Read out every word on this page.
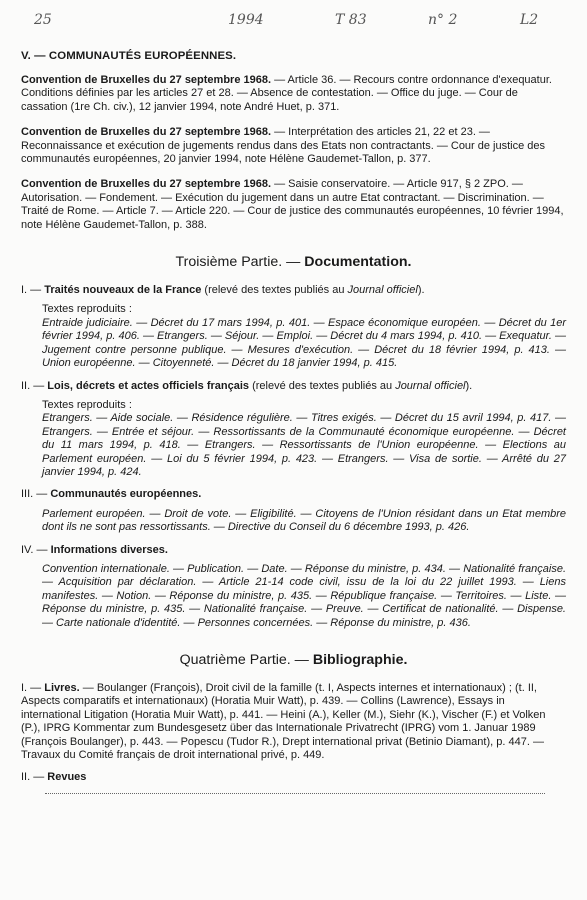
25	1994	T 83	n° 2	L2
V. — COMMUNAUTÉS EUROPÉENNES.
Convention de Bruxelles du 27 septembre 1968. — Article 36. — Recours contre ordonnance d'exequatur. Conditions définies par les articles 27 et 28. — Absence de contestation. — Office du juge. — Cour de cassation (1re Ch. civ.), 12 janvier 1994, note André Huet, p. 371.
Convention de Bruxelles du 27 septembre 1968. — Interprétation des articles 21, 22 et 23. — Reconnaissance et exécution de jugements rendus dans des Etats non contractants. — Cour de justice des communautés européennes, 20 janvier 1994, note Hélène Gaudemet-Tallon, p. 377.
Convention de Bruxelles du 27 septembre 1968. — Saisie conservatoire. — Article 917, § 2 ZPO. — Autorisation. — Fondement. — Exécution du jugement dans un autre Etat contractant. — Discrimination. — Traité de Rome. — Article 7. — Article 220. — Cour de justice des communautés européennes, 10 février 1994, note Hélène Gaudemet-Tallon, p. 388.
Troisième Partie. — Documentation.
I. — Traités nouveaux de la France (relevé des textes publiés au Journal officiel).
Textes reproduits :
Entraide judiciaire. — Décret du 17 mars 1994, p. 401. — Espace économique européen. — Décret du 1er février 1994, p. 406. — Etrangers. — Séjour. — Emploi. — Décret du 4 mars 1994, p. 410. — Exequatur. — Jugement contre personne publique. — Mesures d'exécution. — Décret du 18 février 1994, p. 413. — Union européenne. — Citoyenneté. — Décret du 18 janvier 1994, p. 415.
II. — Lois, décrets et actes officiels français (relevé des textes publiés au Journal officiel).
Textes reproduits :
Etrangers. — Aide sociale. — Résidence régulière. — Titres exigés. — Décret du 15 avril 1994, p. 417. — Etrangers. — Entrée et séjour. — Ressortissants de la Communauté économique européenne. — Décret du 11 mars 1994, p. 418. — Etrangers. — Ressortissants de l'Union européenne. — Elections au Parlement européen. — Loi du 5 février 1994, p. 423. — Etrangers. — Visa de sortie. — Arrêté du 27 janvier 1994, p. 424.
III. — Communautés européennes.
Parlement européen. — Droit de vote. — Eligibilité. — Citoyens de l'Union résidant dans un Etat membre dont ils ne sont pas ressortissants. — Directive du Conseil du 6 décembre 1993, p. 426.
IV. — Informations diverses.
Convention internationale. — Publication. — Date. — Réponse du ministre, p. 434. — Nationalité française. — Acquisition par déclaration. — Article 21-14 code civil, issu de la loi du 22 juillet 1993. — Liens manifestes. — Notion. — Réponse du ministre, p. 435. — République française. — Territoires. — Liste. — Réponse du ministre, p. 435. — Nationalité française. — Preuve. — Certificat de nationalité. — Dispense. — Carte nationale d'identité. — Personnes concernées. — Réponse du ministre, p. 436.
Quatrième Partie. — Bibliographie.
I. — Livres. — Boulanger (François), Droit civil de la famille (t. I, Aspects internes et internationaux) ; (t. II, Aspects comparatifs et internationaux) (Horatia Muir Watt), p. 439. — Collins (Lawrence), Essays in international Litigation (Horatia Muir Watt), p. 441. — Heini (A.), Keller (M.), Siehr (K.), Vischer (F.) et Volken (P.), IPRG Kommentar zum Bundesgesetz über das Internationale Privatrecht (IPRG) vom 1. Januar 1989 (François Boulanger), p. 443. — Popescu (Tudor R.), Drept international privat (Betinio Diamant), p. 447. — Travaux du Comité français de droit international privé, p. 449.
II. — Revues
